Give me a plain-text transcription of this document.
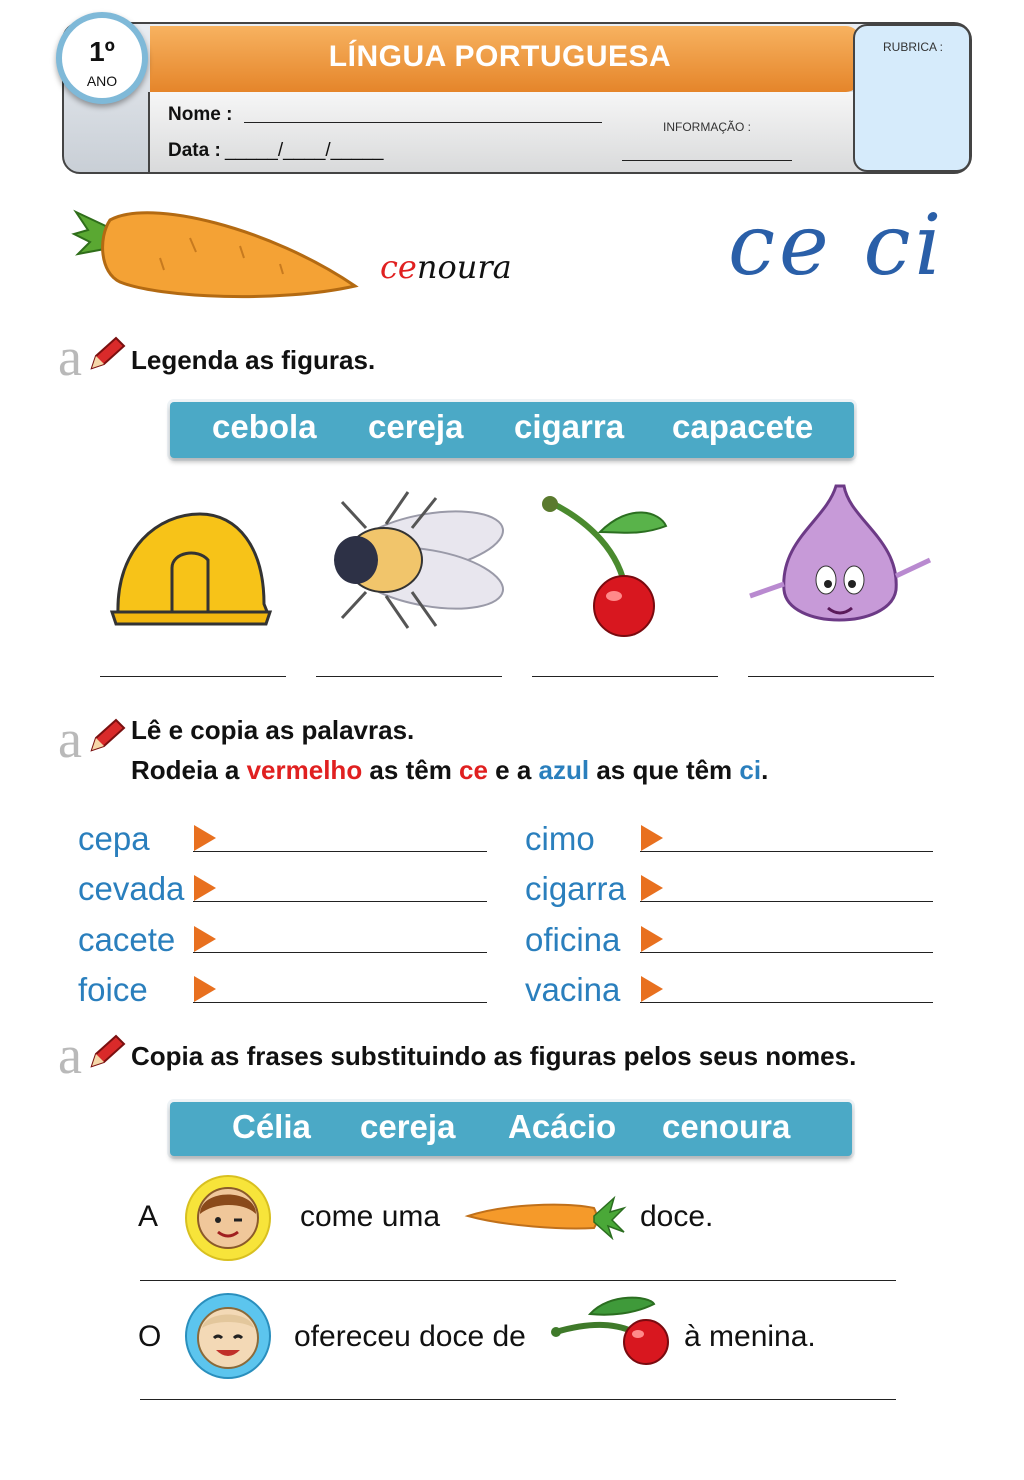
LÍNGUA PORTUGUESA	RUBRICA :
1º
ANO
Nome :
Data : _____/____/_____
INFORMAÇÃO :
cenoura	ce ci
a Legenda as figuras.
cebola cereja cigarra capacete
a Lê e copia as palavras.
Rodeia a vermelho as têm ce e a azul as que têm ci.
cepa
cevada
cacete
foice
cimo
cigarra
oficina
vacina
a Copia as frases substituindo as figuras pelos seus nomes.
Célia cereja Acácio cenoura
A	come uma	doce.
O	ofereceu doce de	à menina.
